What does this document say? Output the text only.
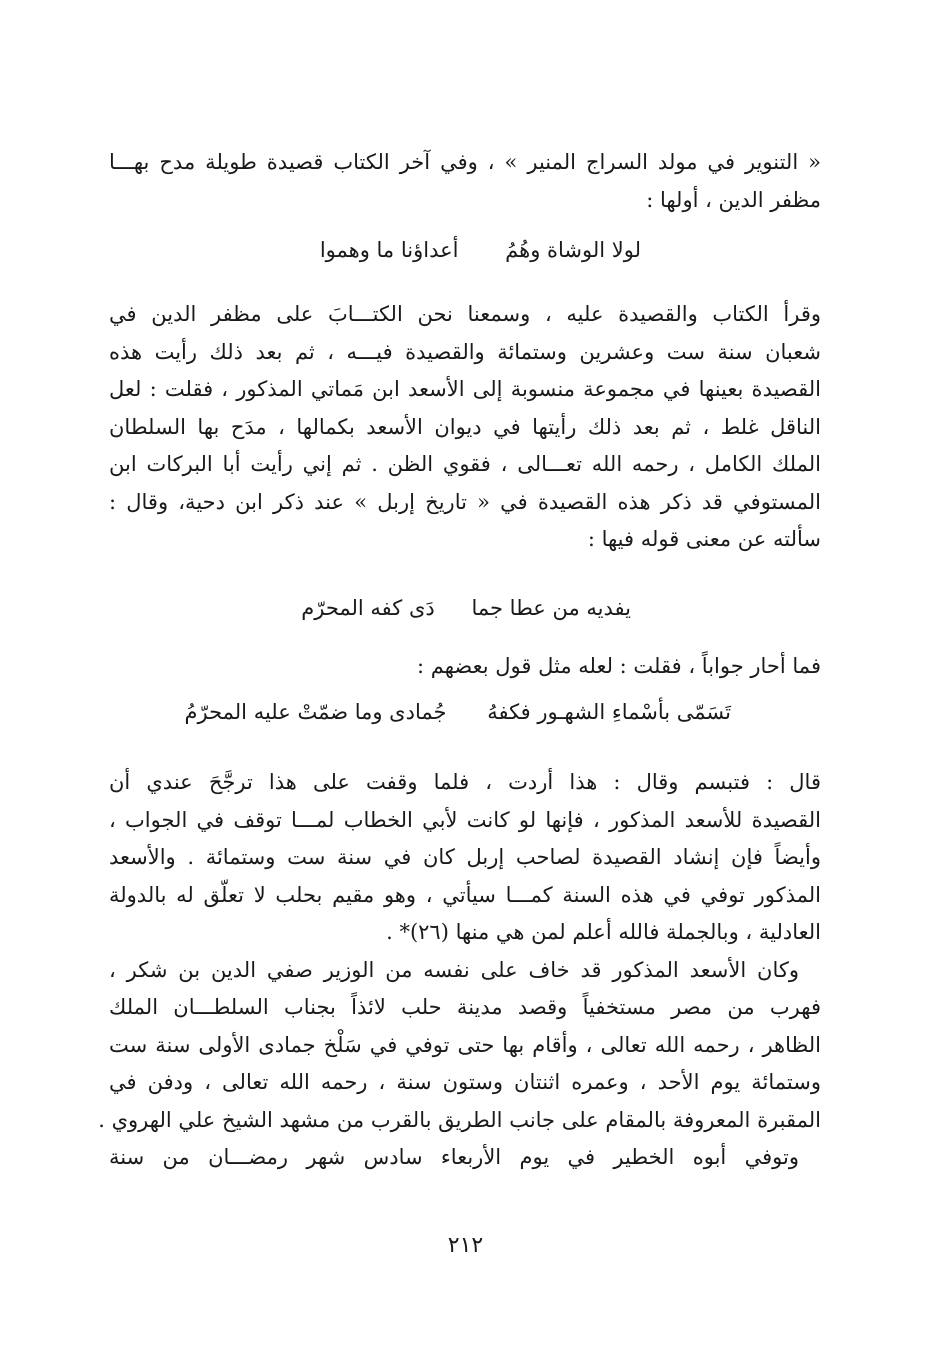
« التنوير في مولد السراج المنير » ، وفي آخر الكتاب قصيدة طويلة مدح بهـــا
مظفر الدين ، أولها :
لولا الوشاة وهُمُ أعداؤنا ما وهموا
وقرأ الكتاب والقصيدة عليه ، وسمعنا نحن الكتـــابَ على مظفر الدين في
شعبان سنة ست وعشرين وستمائة والقصيدة فيـــه ، ثم بعد ذلك رأيت هذه
القصيدة بعينها في مجموعة منسوبة إلى الأسعد ابن مَماتي المذكور ، فقلت : لعل
الناقل غلط ، ثم بعد ذلك رأيتها في ديوان الأسعد بكمالها ، مدَح بها السلطان
الملك الكامل ، رحمه الله تعـــالى ، فقوي الظن . ثم إني رأيت أبا البركات ابن
المستوفي قد ذكر هذه القصيدة في « تاريخ إربل » عند ذكر ابن دحية، وقال :
سألته عن معنى قوله فيها :
يفديه من عطا جما دَى كفه المحرّم
فما أحار جواباً ، فقلت : لعله مثل قول بعضهم :
تَسَمّى بأسْماءِ الشهـور فكفهُ جُمادى وما ضمّتْ عليه المحرّمُ
قال : فتبسم وقال : هذا أردت ، فلما وقفت على هذا ترجَّحَ عندي أن
القصيدة للأسعد المذكور ، فإنها لو كانت لأبي الخطاب لمـــا توقف في الجواب ،
وأيضاً فإن إنشاد القصيدة لصاحب إربل كان في سنة ست وستمائة . والأسعد
المذكور توفي في هذه السنة كمـــا سيأتي ، وهو مقيم بحلب لا تعلّق له بالدولة
العادلية ، وبالجملة فالله أعلم لمن هي منها (٢٦)* .
وكان الأسعد المذكور قد خاف على نفسه من الوزير صفي الدين بن شكر ،
فهرب من مصر مستخفياً وقصد مدينة حلب لائذاً بجناب السلطـــان الملك
الظاهر ، رحمه الله تعالى ، وأقام بها حتى توفي في سَلْخ جمادى الأولى سنة ست
وستمائة يوم الأحد ، وعمره اثنتان وستون سنة ، رحمه الله تعالى ، ودفن في
المقبرة المعروفة بالمقام على جانب الطريق بالقرب من مشهد الشيخ علي الهروي .
وتوفي أبوه الخطير في يوم الأربعاء سادس شهر رمضـــان من سنة
٢١٢
